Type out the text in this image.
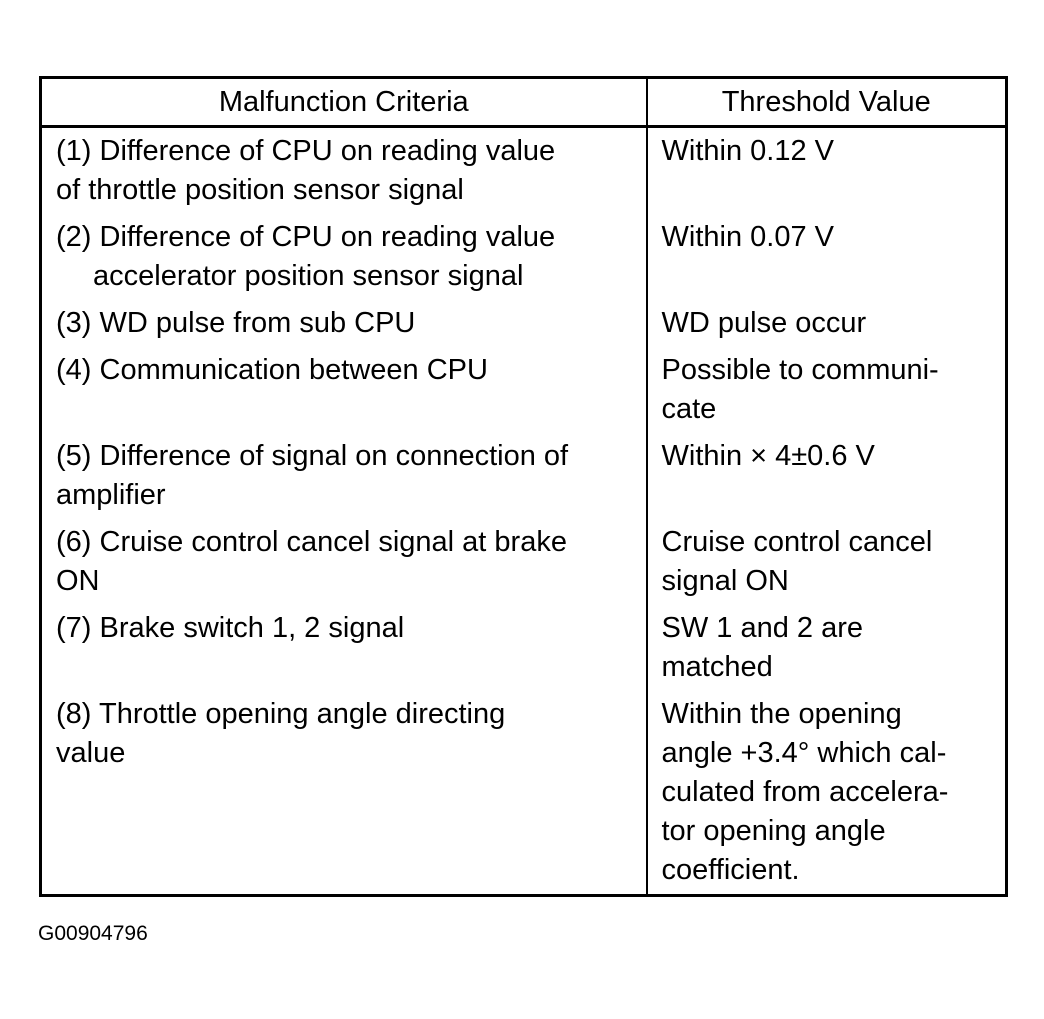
Malfunction Criteria	Threshold Value

(1) Difference of CPU on reading value
of throttle position sensor signal	Within 0.12 V

(2) Difference of CPU on reading value
accelerator position sensor signal	Within 0.07 V

(3) WD pulse from sub CPU	WD pulse occur

(4) Communication between CPU	Possible to communi-
cate

(5) Difference of signal on connection of
amplifier	Within × 4±0.6 V

(6) Cruise control cancel signal at brake
ON	Cruise control cancel
signal ON

(7) Brake switch 1, 2 signal	SW 1 and 2 are
matched

(8) Throttle opening angle directing
value	Within the opening
angle +3.4° which cal-
culated from accelera-
tor opening angle
coefficient.
G00904796
